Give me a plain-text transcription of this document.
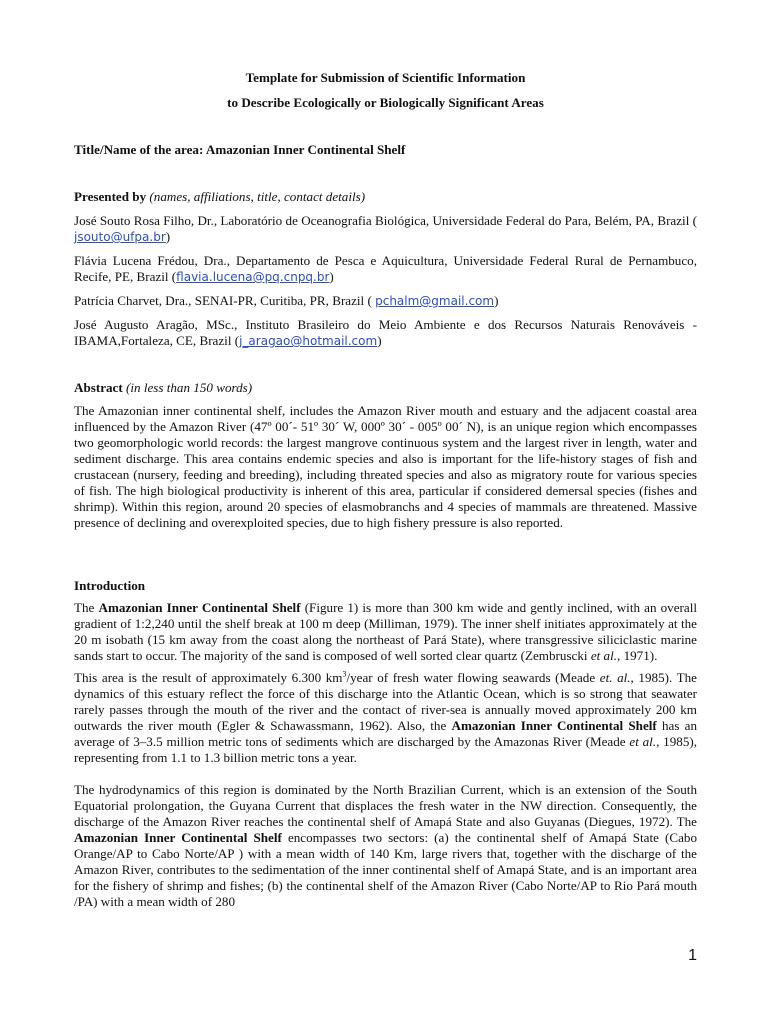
Template for Submission of Scientific Information

to Describe Ecologically or Biologically Significant Areas

Title/Name of the area: Amazonian Inner Continental Shelf

Presented by (names, affiliations, title, contact details)

José Souto Rosa Filho, Dr., Laboratório de Oceanografia Biológica, Universidade Federal do Para, Belém, PA, Brazil ( jsouto@ufpa.br)

Flávia Lucena Frédou, Dra., Departamento de Pesca e Aquicultura, Universidade Federal Rural de Pernambuco, Recife, PE, Brazil (flavia.lucena@pq.cnpq.br)

Patrícia Charvet, Dra., SENAI-PR, Curitiba, PR, Brazil ( pchalm@gmail.com)

José Augusto Aragão, MSc., Instituto Brasileiro do Meio Ambiente e dos Recursos Naturais Renováveis - IBAMA,Fortaleza, CE, Brazil (j_aragao@hotmail.com)

Abstract (in less than 150 words)

The Amazonian inner continental shelf, includes the Amazon River mouth and estuary and the adjacent coastal area influenced by the Amazon River (47º 00´- 51º 30´ W, 000º 30´ - 005º 00´ N), is an unique region which encompasses two geomorphologic world records: the largest mangrove continuous system and the largest river in length, water and sediment discharge. This area contains endemic species and also is important for the life-history stages of fish and crustacean (nursery, feeding and breeding), including threated species and also as migratory route for various species of fish. The high biological productivity is inherent of this area, particular if considered demersal species (fishes and shrimp). Within this region, around 20 species of elasmobranchs and 4 species of mammals are threatened. Massive presence of declining and overexploited species, due to high fishery pressure is also reported.

Introduction

The Amazonian Inner Continental Shelf (Figure 1) is more than 300 km wide and gently inclined, with an overall gradient of 1:2,240 until the shelf break at 100 m deep (Milliman, 1979). The inner shelf initiates approximately at the 20 m isobath (15 km away from the coast along the northeast of Pará State), where transgressive siliciclastic marine sands start to occur. The majority of the sand is composed of well sorted clear quartz (Zembruscki et al., 1971).

This area is the result of approximately 6.300 $km^3$/year of fresh water flowing seawards (Meade et. al., 1985). The dynamics of this estuary reflect the force of this discharge into the Atlantic Ocean, which is so strong that seawater rarely passes through the mouth of the river and the contact of river-sea is annually moved approximately 200 km outwards the river mouth (Egler & Schawassmann, 1962). Also, the Amazonian Inner Continental Shelf has an average of 3–3.5 million metric tons of sediments which are discharged by the Amazonas River (Meade et al., 1985), representing from 1.1 to 1.3 billion metric tons a year.

The hydrodynamics of this region is dominated by the North Brazilian Current, which is an extension of the South Equatorial prolongation, the Guyana Current that displaces the fresh water in the NW direction. Consequently, the discharge of the Amazon River reaches the continental shelf of Amapá State and also Guyanas (Diegues, 1972). The Amazonian Inner Continental Shelf encompasses two sectors: (a) the continental shelf of Amapá State (Cabo Orange/AP to Cabo Norte/AP ) with a mean width of 140 Km, large rivers that, together with the discharge of the Amazon River, contributes to the sedimentation of the inner continental shelf of Amapá State, and is an important area for the fishery of shrimp and fishes; (b) the continental shelf of the Amazon River (Cabo Norte/AP to Rio Pará mouth /PA) with a mean width of 280

1
